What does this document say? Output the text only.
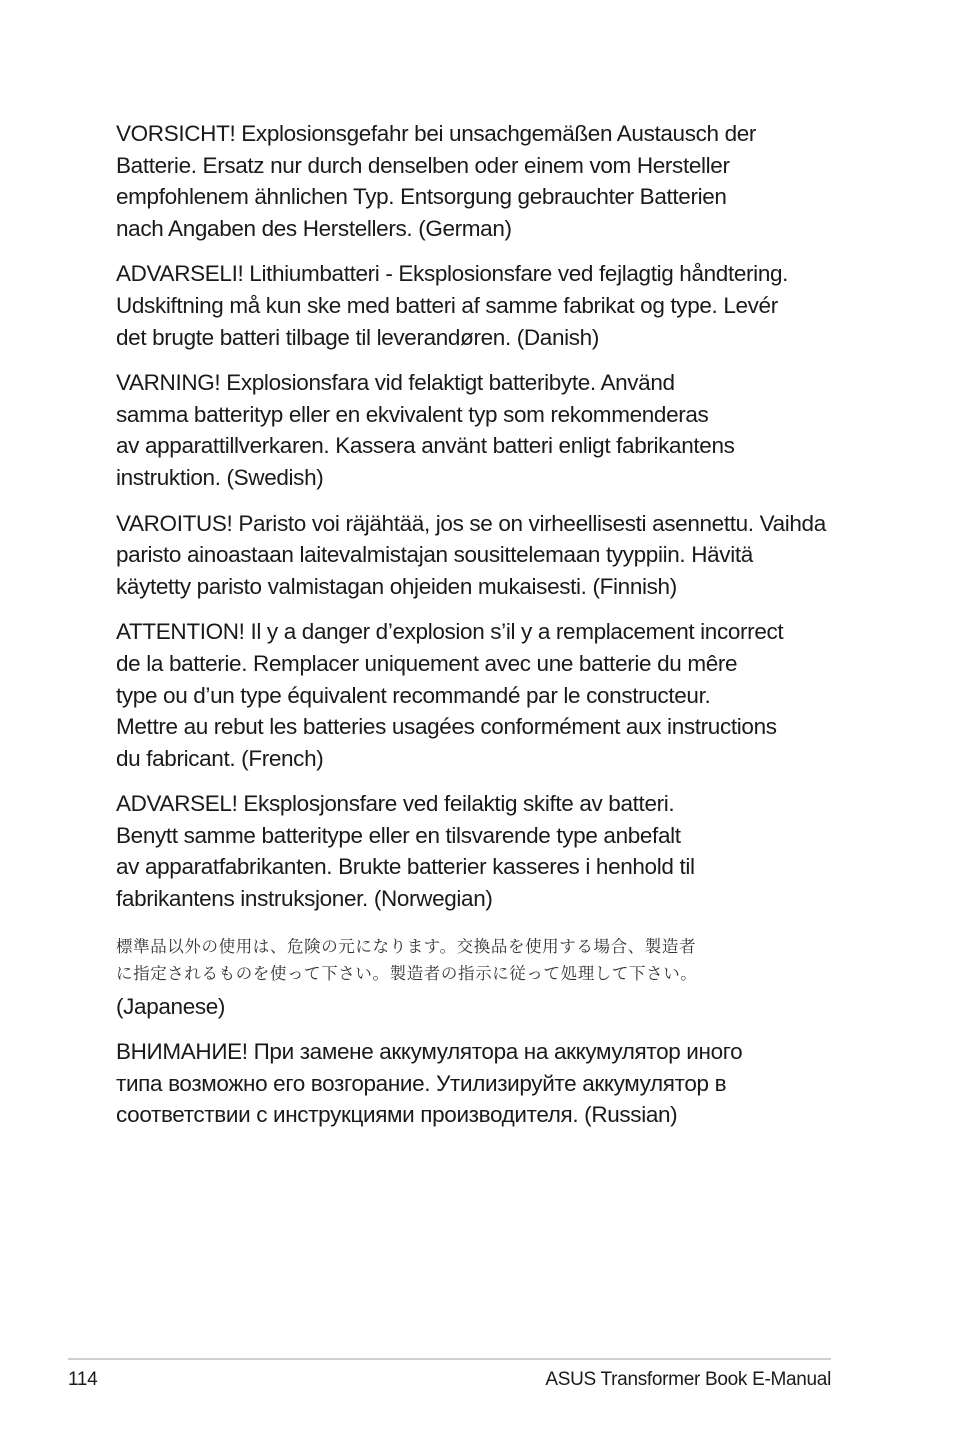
VORSICHT! Explosionsgefahr bei unsachgemäßen Austausch der
Batterie. Ersatz nur durch denselben oder einem vom Hersteller
empfohlenem ähnlichen Typ. Entsorgung gebrauchter Batterien
nach Angaben des Herstellers. (German)

ADVARSELI! Lithiumbatteri - Eksplosionsfare ved fejlagtig håndtering.
Udskiftning må kun ske med batteri af samme fabrikat og type. Levér
det brugte batteri tilbage til leverandøren. (Danish)

VARNING! Explosionsfara vid felaktigt batteribyte. Använd
samma batterityp eller en ekvivalent typ som rekommenderas
av apparattillverkaren. Kassera använt batteri enligt fabrikantens
instruktion. (Swedish)

VAROITUS! Paristo voi räjähtää, jos se on virheellisesti asennettu. Vaihda
paristo ainoastaan laitevalmistajan sousittelemaan tyyppiin. Hävitä
käytetty paristo valmistagan ohjeiden mukaisesti. (Finnish)

ATTENTION! Il y a danger d’explosion s’il y a remplacement incorrect
de la batterie. Remplacer uniquement avec une batterie du mêre
type ou d’un type équivalent recommandé par le constructeur.
Mettre au rebut les batteries usagées conformément aux instructions
du fabricant. (French)

ADVARSEL! Eksplosjonsfare ved feilaktig skifte av batteri.
Benytt samme batteritype eller en tilsvarende type anbefalt
av apparatfabrikanten. Brukte batterier kasseres i henhold til
fabrikantens instruksjoner. (Norwegian)

標準品以外の使用は、危険の元になります。交換品を使用する場合、製造者
に指定されるものを使って下さい。製造者の指示に従って処理して下さい。

(Japanese)

ВНИМАНИЕ! При замене аккумулятора на аккумулятор иного
типа возможно его возгорание. Утилизируйте аккумулятор в
соответствии с инструкциями производителя. (Russian)

114	ASUS Transformer Book E-Manual
